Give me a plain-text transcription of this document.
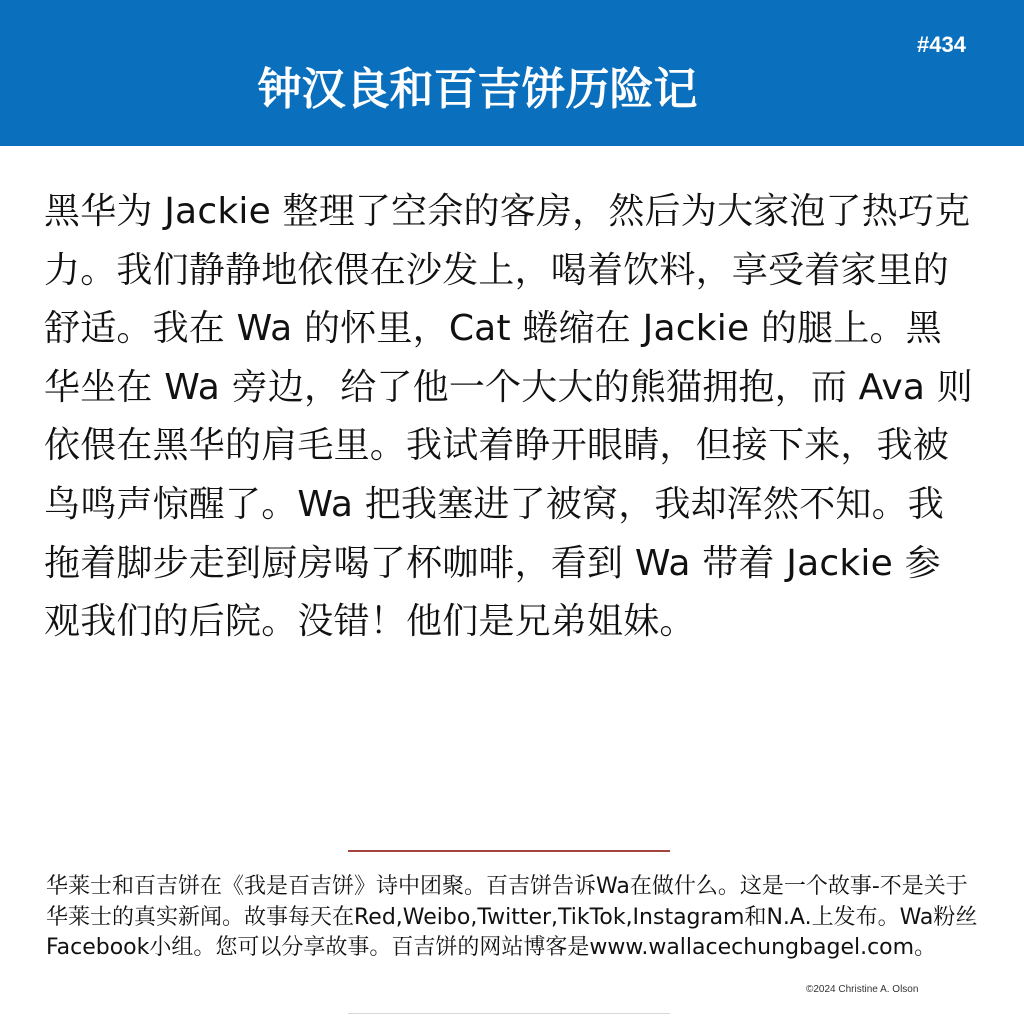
钟汉良和百吉饼历险记
#434
黑华为 Jackie 整理了空余的客房，然后为大家泡了热巧克力。我们静静地依偎在沙发上，喝着饮料，享受着家里的舒适。我在 Wa 的怀里，Cat 蜷缩在 Jackie 的腿上。黑华坐在 Wa 旁边，给了他一个大大的熊猫拥抱，而 Ava 则依偎在黑华的肩毛里。我试着睁开眼睛，但接下来，我被鸟鸣声惊醒了。Wa 把我塞进了被窝，我却浑然不知。我拖着脚步走到厨房喝了杯咖啡，看到 Wa 带着 Jackie 参观我们的后院。没错！他们是兄弟姐妹。
华莱士和百吉饼在《我是百吉饼》诗中团聚。百吉饼告诉Wa在做什么。这是一个故事-不是关于华莱士的真实新闻。故事每天在Red,Weibo,Twitter,TikTok,Instagram和N.A.上发布。Wa粉丝Facebook小组。您可以分享故事。百吉饼的网站博客是www.wallacechungbagel.com。
©2024 Christine A. Olson
